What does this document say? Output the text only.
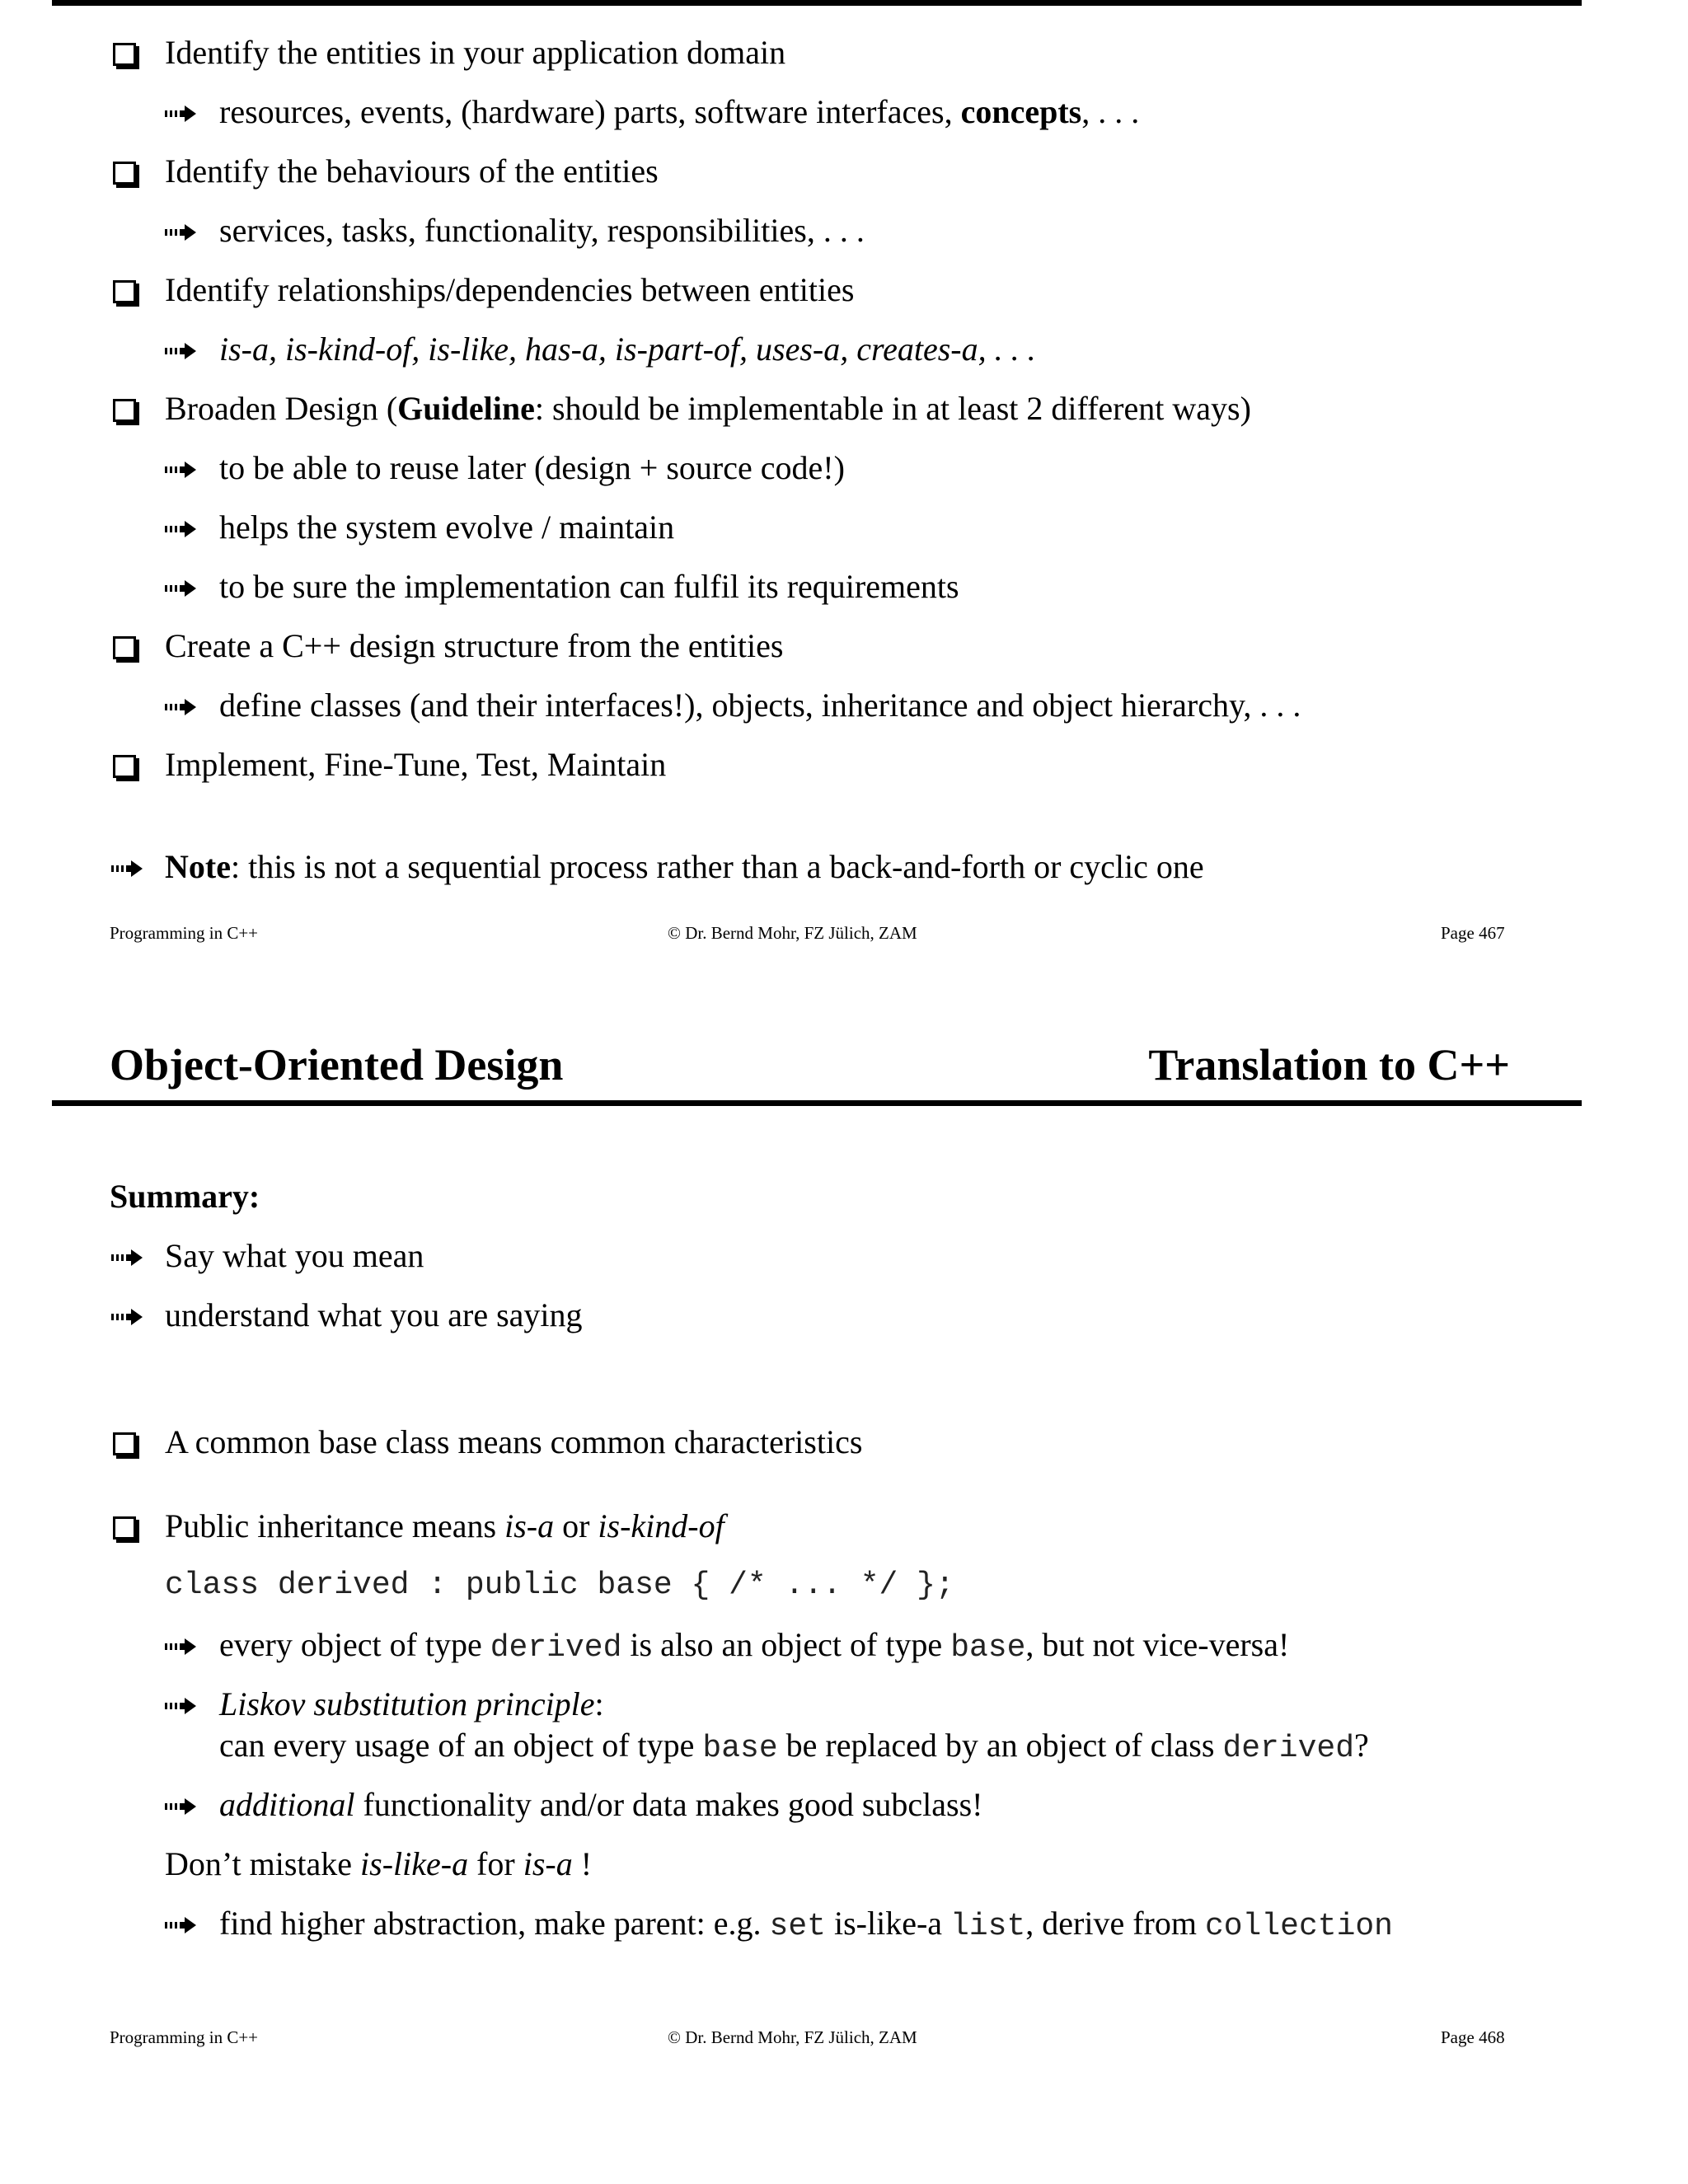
Identify the entities in your application domain
resources, events, (hardware) parts, software interfaces, concepts, . . .
Identify the behaviours of the entities
services, tasks, functionality, responsibilities, . . .
Identify relationships/dependencies between entities
is-a, is-kind-of, is-like, has-a, is-part-of, uses-a, creates-a, . . .
Broaden Design (Guideline: should be implementable in at least 2 different ways)
to be able to reuse later (design + source code!)
helps the system evolve / maintain
to be sure the implementation can fulfil its requirements
Create a C++ design structure from the entities
define classes (and their interfaces!), objects, inheritance and object hierarchy, . . .
Implement, Fine-Tune, Test, Maintain
Note: this is not a sequential process rather than a back-and-forth or cyclic one
Programming in C++	© Dr. Bernd Mohr, FZ Jülich, ZAM	Page 467
Object-Oriented Design	Translation to C++
Summary:
Say what you mean
understand what you are saying
A common base class means common characteristics
Public inheritance means is-a or is-kind-of
class derived : public base { /* ... */ };
every object of type derived is also an object of type base, but not vice-versa!
Liskov substitution principle:
can every usage of an object of type base be replaced by an object of class derived?
additional functionality and/or data makes good subclass!
Don’t mistake is-like-a for is-a !
find higher abstraction, make parent: e.g. set is-like-a list, derive from collection
Programming in C++	© Dr. Bernd Mohr, FZ Jülich, ZAM	Page 468
